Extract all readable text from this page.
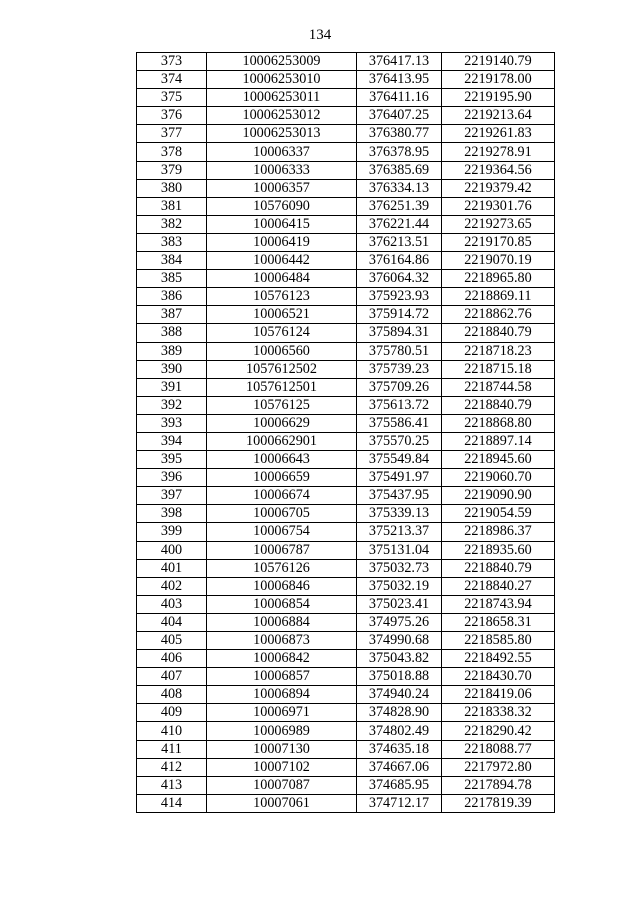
134
373	10006253009	376417.13	2219140.79
374	10006253010	376413.95	2219178.00
375	10006253011	376411.16	2219195.90
376	10006253012	376407.25	2219213.64
377	10006253013	376380.77	2219261.83
378	10006337	376378.95	2219278.91
379	10006333	376385.69	2219364.56
380	10006357	376334.13	2219379.42
381	10576090	376251.39	2219301.76
382	10006415	376221.44	2219273.65
383	10006419	376213.51	2219170.85
384	10006442	376164.86	2219070.19
385	10006484	376064.32	2218965.80
386	10576123	375923.93	2218869.11
387	10006521	375914.72	2218862.76
388	10576124	375894.31	2218840.79
389	10006560	375780.51	2218718.23
390	1057612502	375739.23	2218715.18
391	1057612501	375709.26	2218744.58
392	10576125	375613.72	2218840.79
393	10006629	375586.41	2218868.80
394	1000662901	375570.25	2218897.14
395	10006643	375549.84	2218945.60
396	10006659	375491.97	2219060.70
397	10006674	375437.95	2219090.90
398	10006705	375339.13	2219054.59
399	10006754	375213.37	2218986.37
400	10006787	375131.04	2218935.60
401	10576126	375032.73	2218840.79
402	10006846	375032.19	2218840.27
403	10006854	375023.41	2218743.94
404	10006884	374975.26	2218658.31
405	10006873	374990.68	2218585.80
406	10006842	375043.82	2218492.55
407	10006857	375018.88	2218430.70
408	10006894	374940.24	2218419.06
409	10006971	374828.90	2218338.32
410	10006989	374802.49	2218290.42
411	10007130	374635.18	2218088.77
412	10007102	374667.06	2217972.80
413	10007087	374685.95	2217894.78
414	10007061	374712.17	2217819.39
